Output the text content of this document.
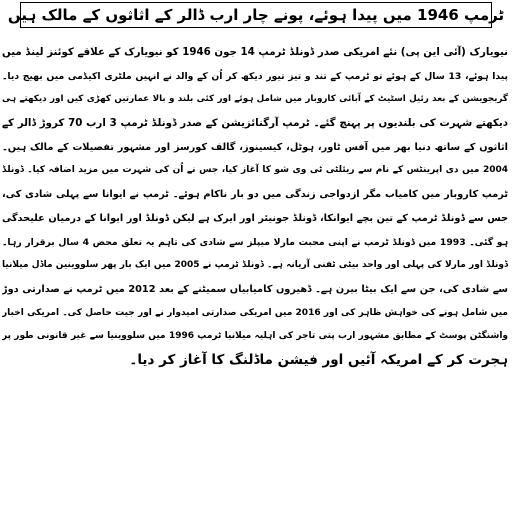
ٹرمپ 1946 میں پیدا ہوئے، پونے چار ارب ڈالر کے اثاثوں کے مالک ہیں
نیویارک (آئی این پی) نئے امریکی صدر ڈونلڈ ٹرمپ 14 جون 1946 کو نیویارک کے علاقے کوئنز لینڈ میں
پیدا ہوئے، 13 سال کے ہوئے تو ٹرمپ کے تند و تیز تیور دیکھ کر اُن کے والد نے انہیں ملٹری اکیڈمی میں بھیج دیا۔
گریجویشن کے بعد رئیل اسٹیٹ کے آبائی کاروبار میں شامل ہوئے اور کئی بلند و بالا عمارتیں کھڑی کیں اور دیکھتے ہی
دیکھتے شہرت کی بلندیوں پر پہنچ گئے۔ ٹرمپ آرگنائزیشن کے صدر ڈونلڈ ٹرمپ 3 ارب 70 کروڑ ڈالر کے
اثاثوں کے ساتھ دنیا بھر میں آفس ٹاور، ہوٹل، کیسینوز، گالف کورسز اور مشہور تفصیلات کے مالک ہیں۔
2004 میں دی اپرینٹس کے نام سے ریئلٹی ٹی وی شو کا آغاز کیا، جس نے اُن کی شہرت میں مزید اضافہ کیا۔ ڈونلڈ
ٹرمپ کاروبار میں کامیاب مگر ازدواجی زندگی میں دو بار ناکام ہوئے۔ ٹرمپ نے ایوانا سے پہلی شادی کی،
جس سے ڈونلڈ ٹرمپ کے تین بچے ایوانکا، ڈونلڈ جونیئر اور ایرک ہے لیکن ڈونلڈ اور ایوانا کے درمیان علیحدگی
ہو گئی۔ 1993 میں ڈونلڈ ٹرمپ نے اپنی محبت مارلا میپلز سے شادی کی تاہم یہ تعلق محض 4 سال برقرار رہا۔
ڈونلڈ اور مارلا کی پہلی اور واحد بیٹی ٹفنی آریانہ ہے۔ ڈونلڈ ٹرمپ نے 2005 میں ایک بار پھر سلووینین ماڈل میلانیا
سے شادی کی، جن سے ایک بیٹا بیرن ہے۔ ڈھیروں کامیابیاں سمیٹنے کے بعد 2012 میں ٹرمپ نے صدارتی دوڑ
میں شامل ہونے کی خواہش ظاہر کی اور 2016 میں امریکی صدارتی امیدوار نے اور جیت حاصل کی۔ امریکی اخبار
واشنگٹن پوسٹ کے مطابق مشہور ارب پتی تاجر کی اہلیہ میلانیا ٹرمپ 1996 میں سلووینیا سے غیر قانونی طور پر
ہجرت کر کے امریکہ آئیں اور فیشن ماڈلنگ کا آغاز کر دیا۔
